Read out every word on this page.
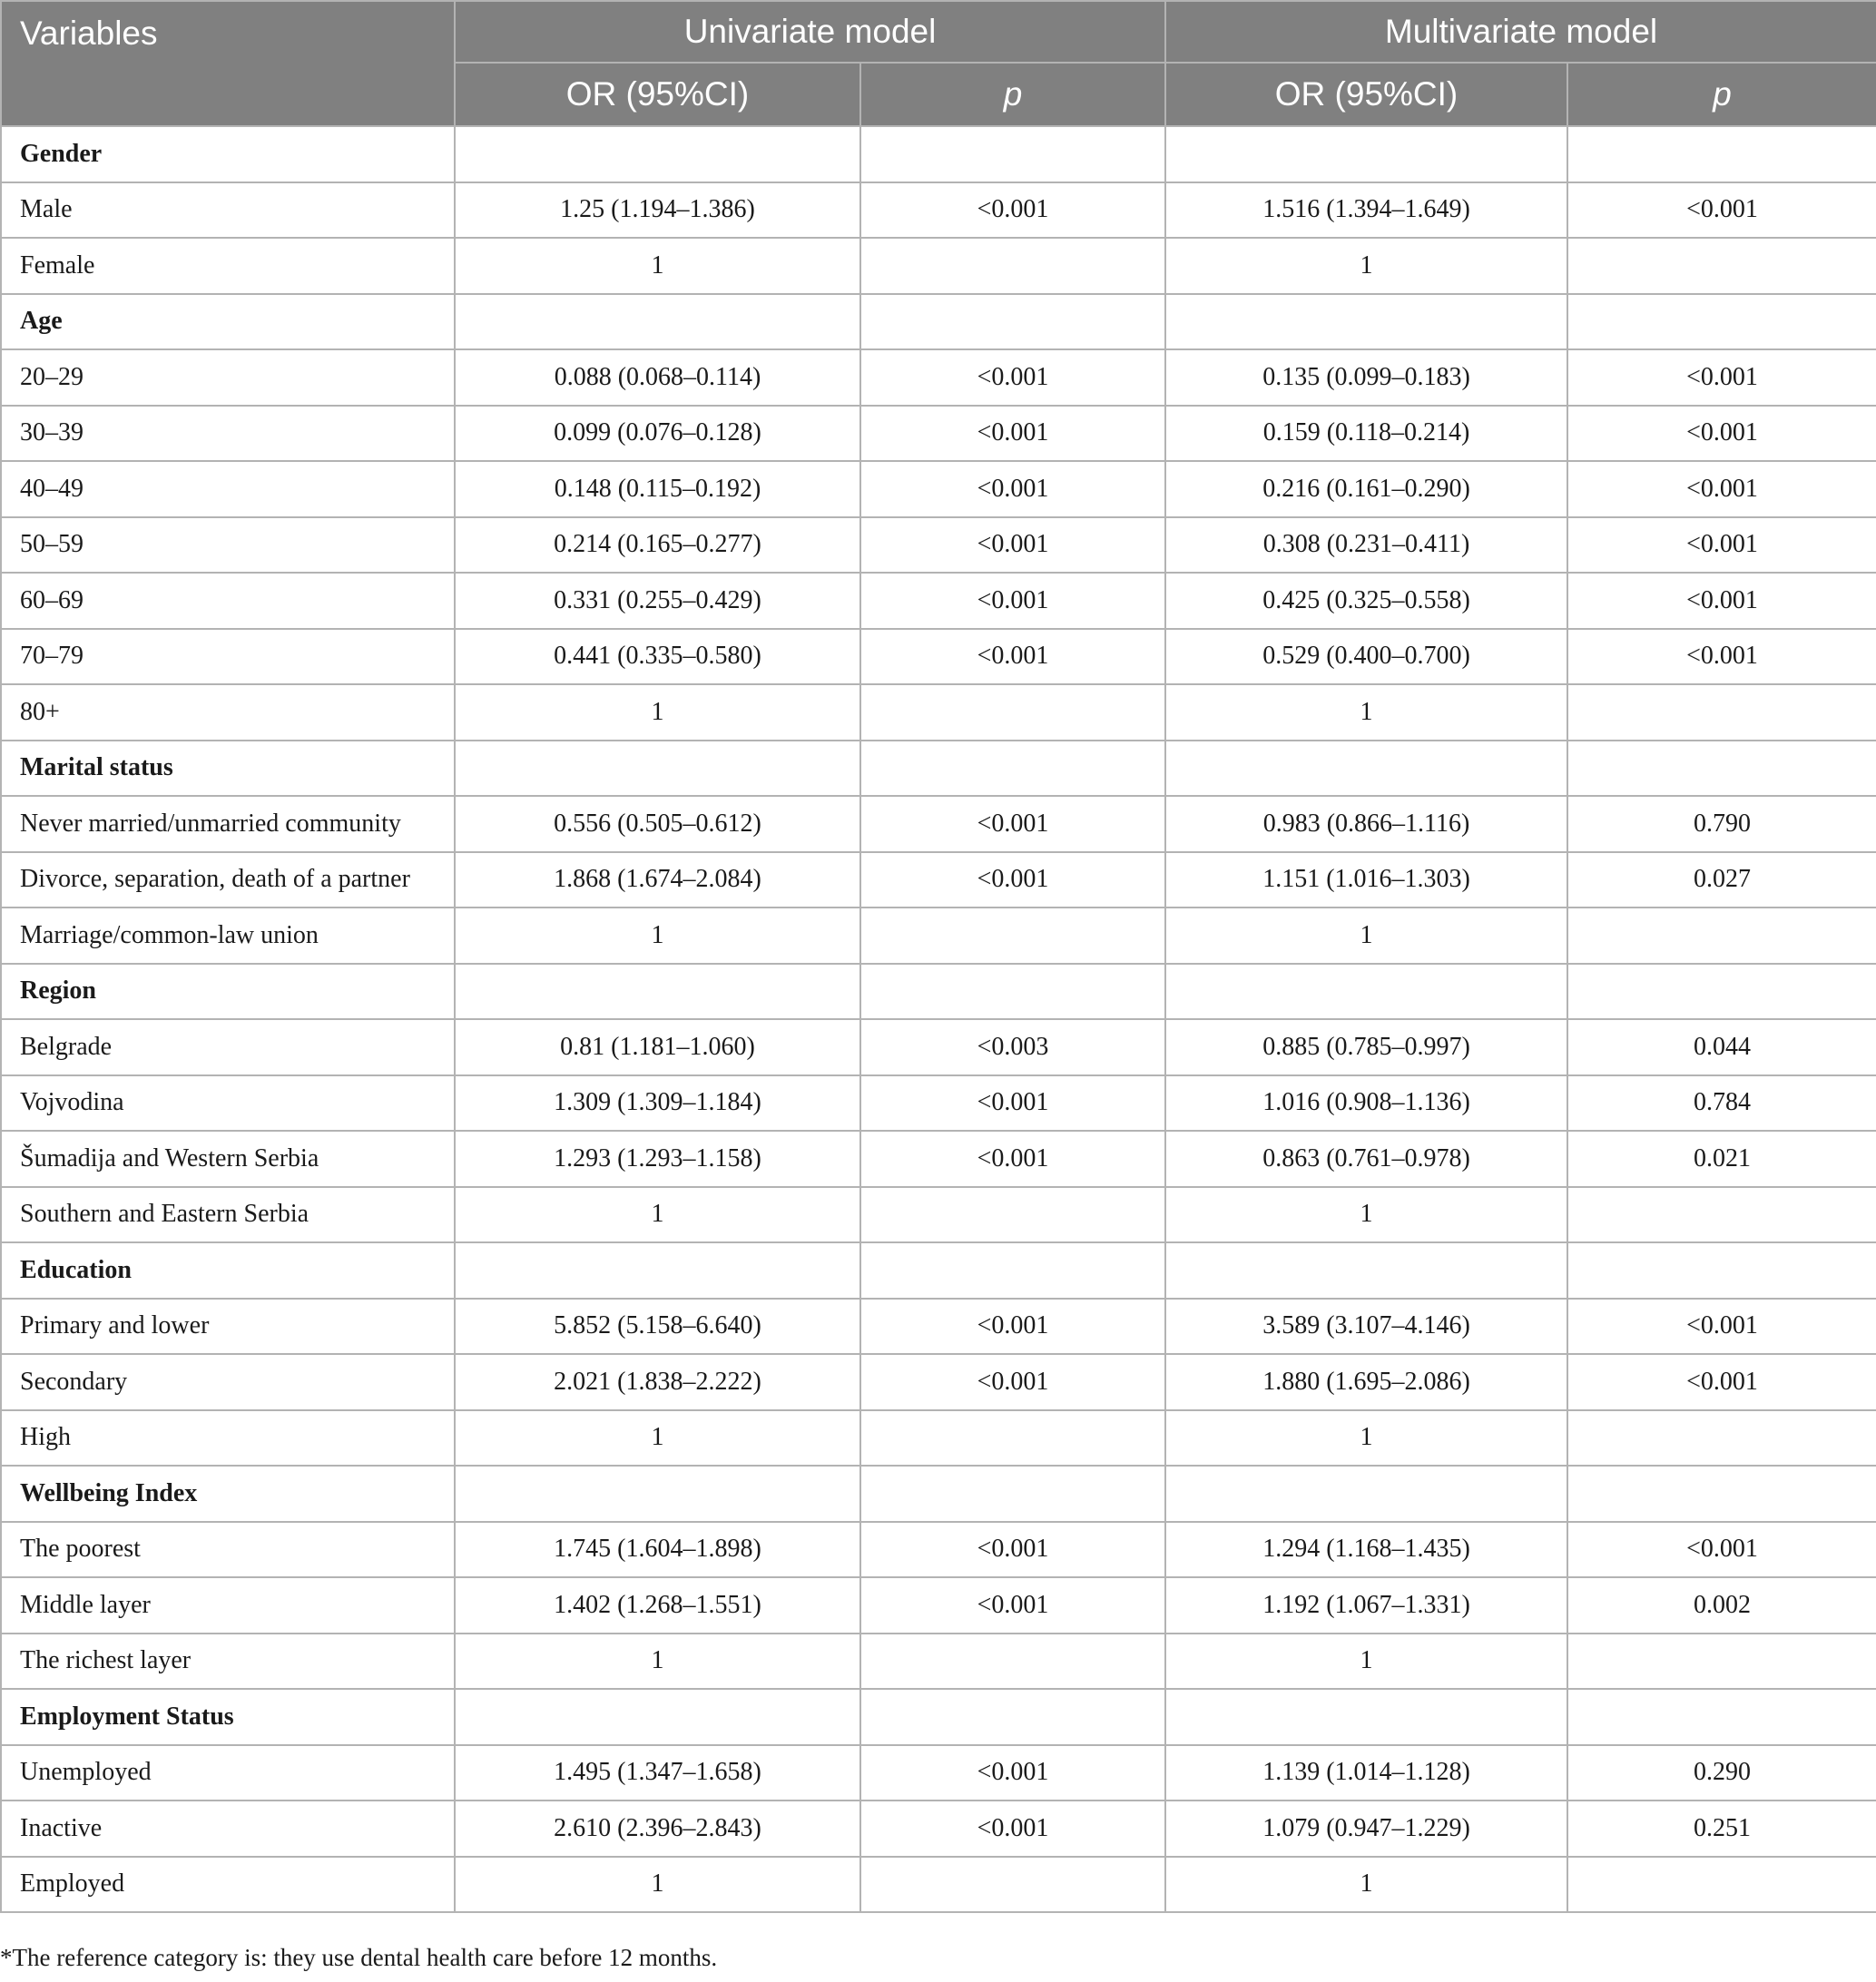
Variables	Univariate model		Multivariate model	
	OR (95%CI)	p	OR (95%CI)	p
Gender				
Male	1.25 (1.194–1.386)	<0.001	1.516 (1.394–1.649)	<0.001
Female	1		1	
Age				
20–29	0.088 (0.068–0.114)	<0.001	0.135 (0.099–0.183)	<0.001
30–39	0.099 (0.076–0.128)	<0.001	0.159 (0.118–0.214)	<0.001
40–49	0.148 (0.115–0.192)	<0.001	0.216 (0.161–0.290)	<0.001
50–59	0.214 (0.165–0.277)	<0.001	0.308 (0.231–0.411)	<0.001
60–69	0.331 (0.255–0.429)	<0.001	0.425 (0.325–0.558)	<0.001
70–79	0.441 (0.335–0.580)	<0.001	0.529 (0.400–0.700)	<0.001
80+	1		1	
Marital status				
Never married/unmarried community	0.556 (0.505–0.612)	<0.001	0.983 (0.866–1.116)	0.790
Divorce, separation, death of a partner	1.868 (1.674–2.084)	<0.001	1.151 (1.016–1.303)	0.027
Marriage/common-law union	1		1	
Region				
Belgrade	0.81 (1.181–1.060)	<0.003	0.885 (0.785–0.997)	0.044
Vojvodina	1.309 (1.309–1.184)	<0.001	1.016 (0.908–1.136)	0.784
Šumadija and Western Serbia	1.293 (1.293–1.158)	<0.001	0.863 (0.761–0.978)	0.021
Southern and Eastern Serbia	1		1	
Education				
Primary and lower	5.852 (5.158–6.640)	<0.001	3.589 (3.107–4.146)	<0.001
Secondary	2.021 (1.838–2.222)	<0.001	1.880 (1.695–2.086)	<0.001
High	1		1	
Wellbeing Index				
The poorest	1.745 (1.604–1.898)	<0.001	1.294 (1.168–1.435)	<0.001
Middle layer	1.402 (1.268–1.551)	<0.001	1.192 (1.067–1.331)	0.002
The richest layer	1		1	
Employment Status				
Unemployed	1.495 (1.347–1.658)	<0.001	1.139 (1.014–1.128)	0.290
Inactive	2.610 (2.396–2.843)	<0.001	1.079 (0.947–1.229)	0.251
Employed	1		1	
*The reference category is: they use dental health care before 12 months.
